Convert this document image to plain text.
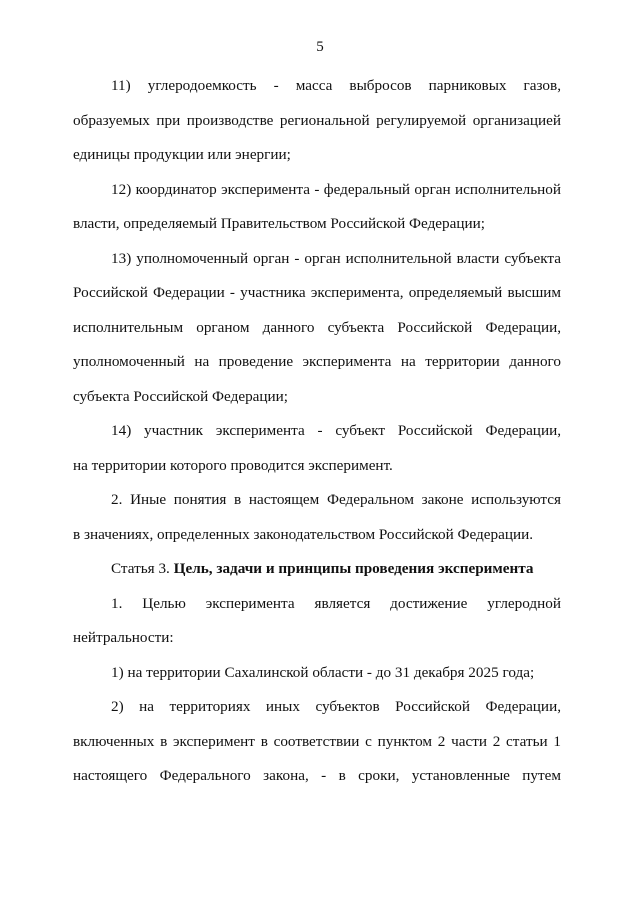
5
11) углеродоемкость - масса выбросов парниковых газов,
образуемых при производстве региональной регулируемой организацией
единицы продукции или энергии;
12) координатор эксперимента - федеральный орган исполнительной
власти, определяемый Правительством Российской Федерации;
13) уполномоченный орган - орган исполнительной власти субъекта
Российской Федерации - участника эксперимента, определяемый высшим
исполнительным органом данного субъекта Российской Федерации,
уполномоченный на проведение эксперимента на территории данного
субъекта Российской Федерации;
14) участник эксперимента - субъект Российской Федерации,
на территории которого проводится эксперимент.
2. Иные понятия в настоящем Федеральном законе используются
в значениях, определенных законодательством Российской Федерации.
Статья 3. Цель, задачи и принципы проведения эксперимента
1. Целью эксперимента является достижение углеродной
нейтральности:
1) на территории Сахалинской области - до 31 декабря 2025 года;
2) на территориях иных субъектов Российской Федерации,
включенных в эксперимент в соответствии с пунктом 2 части 2 статьи 1
настоящего Федерального закона, - в сроки, установленные путем
